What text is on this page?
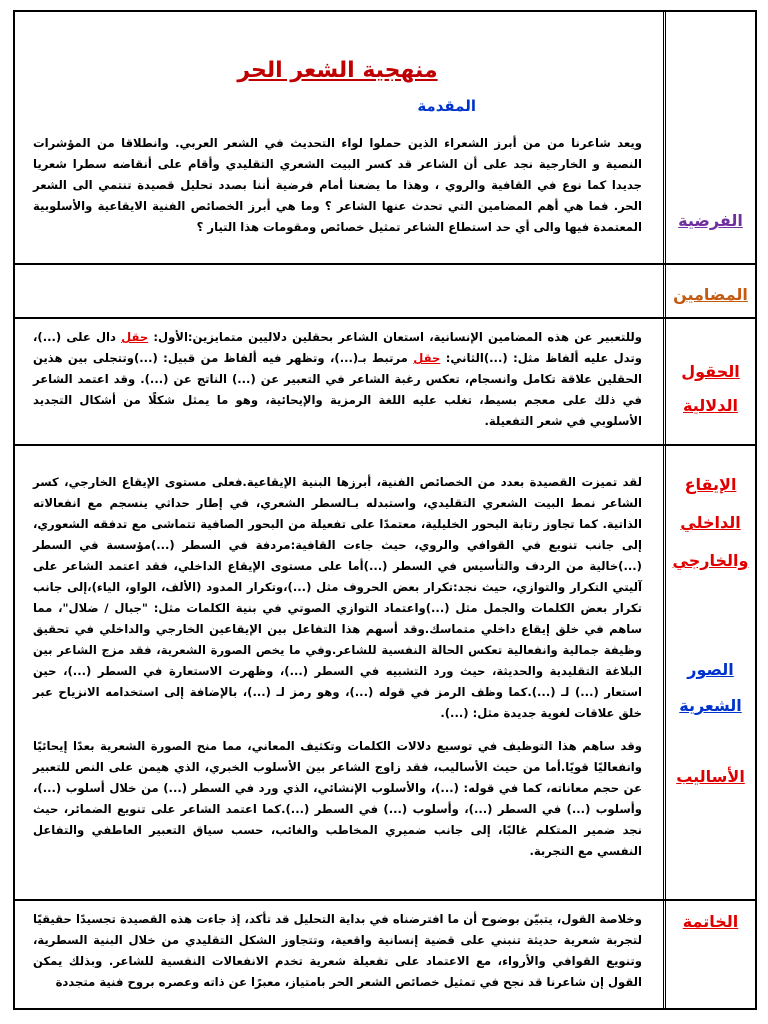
الفرضية

منهجية الشعر الحر

المقدمة

ويعد شاعرنا من من أبرز الشعراء الذين حملوا لواء التحديث في الشعر العربي. وانطلاقا من المؤشرات النصية و الخارجية نجد على أن الشاعر قد كسر البيت الشعري التقليدي وأقام على أنقاضه سطرا شعريا جديدا كما نوع في القافية والروي ، وهذا ما يضعنا أمام فرضية أننا بصدد تحليل قصيدة تنتمي الى الشعر الحر. فما هي أهم المضامين التي تحدث عنها الشاعر ؟ وما هي أبرز الخصائص الفنية الايقاعية والأسلوبية المعتمدة فيها والى أي حد استطاع الشاعر تمثيل خصائص ومقومات هذا التيار ؟

المضامين
الحقول
الدلالية

وللتعبير عن هذه المضامين الإنسانية، استعان الشاعر بحقلين دلاليين متمايزين:الأول: حقل دال على (...)، وتدل عليه ألفاظ مثل: (...)الثاني: حقل مرتبط بـ(...)، وتظهر فيه ألفاظ من قبيل: (...)وتتجلى بين هذين الحقلين علاقة تكامل وانسجام، تعكس رغبة الشاعر في التعبير عن (...) الناتج عن (...). وقد اعتمد الشاعر في ذلك على معجم بسيط، تغلب عليه اللغة الرمزية والإيحائية، وهو ما يمثل شكلًا من أشكال التجديد الأسلوبي في شعر التفعيلة.

الإيقاع
الداخلي
والخارجي
الصور
الشعرية
الأساليب

لقد تميزت القصيدة بعدد من الخصائص الفنية، أبرزها البنية الإيقاعية.فعلى مستوى الإيقاع الخارجي، كسر الشاعر نمط البيت الشعري التقليدي، واستبدله بـالسطر الشعري، في إطار حداثي ينسجم مع انفعالاته الذاتية. كما تجاوز رتابة البحور الخليلية، معتمدًا على تفعيلة من البحور الصافية تتماشى مع تدفقه الشعوري، إلى جانب تنويع في القوافي والروي، حيث جاءت القافية:مردفة في السطر (...)مؤسسة في السطر (...)خالية من الردف والتأسيس في السطر (...)أما على مستوى الإيقاع الداخلي، فقد اعتمد الشاعر على آليتي التكرار والتوازي، حيث نجد:تكرار بعض الحروف مثل (...)،وتكرار المدود (الألف، الواو، الياء)،إلى جانب تكرار بعض الكلمات والجمل مثل (...)واعتماد التوازي الصوتي في بنية الكلمات مثل: "جبال / ضلال"، مما ساهم في خلق إيقاع داخلي متماسك.وقد أسهم هذا التفاعل بين الإيقاعين الخارجي والداخلي في تحقيق وظيفة جمالية وانفعالية تعكس الحالة النفسية للشاعر.وفي ما يخص الصورة الشعرية، فقد مزج الشاعر بين البلاغة التقليدية والحديثة، حيث ورد التشبيه في السطر (...)، وظهرت الاستعارة في السطر (...)، حين استعار (...) لـ (...).كما وظف الرمز في قوله (...)، وهو رمز لـ (...)، بالإضافة إلى استخدامه الانزياح عبر خلق علاقات لغوية جديدة مثل: (...).

وقد ساهم هذا التوظيف في توسيع دلالات الكلمات وتكثيف المعاني، مما منح الصورة الشعرية بعدًا إيحائيًا وانفعاليًا قويًا.أما من حيث الأساليب، فقد زاوج الشاعر بين الأسلوب الخبري، الذي هيمن على النص للتعبير عن حجم معاناته، كما في قوله: (...)، والأسلوب الإنشائي، الذي ورد في السطر (...) من خلال أسلوب (...)، وأسلوب (...) في السطر (...)، وأسلوب (...) في السطر (...).كما اعتمد الشاعر على تنويع الضمائر، حيث نجد ضمير المتكلم غالبًا، إلى جانب ضميري المخاطب والغائب، حسب سياق التعبير العاطفي والتفاعل النفسي مع التجربة.

الخاتمة

وخلاصة القول، يتبيّن بوضوح أن ما افترضناه في بداية التحليل قد تأكد، إذ جاءت هذه القصيدة تجسيدًا حقيقيًا لتجربة شعرية حديثة تنبني على قضية إنسانية واقعية، وتتجاوز الشكل التقليدي من خلال البنية السطرية، وتنويع القوافي والأرواء، مع الاعتماد على تفعيلة شعرية تخدم الانفعالات النفسية للشاعر. وبذلك يمكن القول إن شاعرنا قد نجح في تمثيل خصائص الشعر الحر بامتياز، معبرًا عن ذاته وعصره بروح فنية متجددة
